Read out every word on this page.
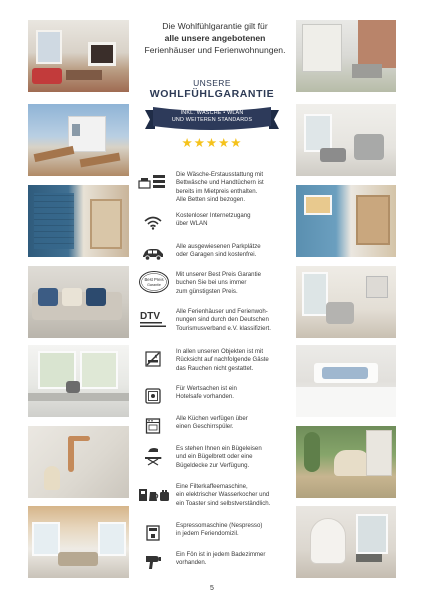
Die Wohlfühlgarantie gilt für
alle unsere angebotenen
Ferienhäuser und Ferienwohnungen.
UNSERE
WOHLFÜHLGARANTIE
INKL. WÄSCHE • WLAN
UND WEITEREN STANDARDS
★★★★★
Die Wäsche-Erstausstattung mit
Bettwäsche und Handtüchern ist
bereits im Mietpreis enthalten.
Alle Betten sind bezogen.
Kostenloser Internetzugang
über WLAN
Alle ausgewiesenen Parkplätze
oder Garagen sind kostenfrei.
Best Preis
Garantie
Mit unserer Best Preis Garantie
buchen Sie bei uns immer
zum günstigsten Preis.
DTV	Alle Ferienhäuser und Ferienwoh-
nungen sind durch den Deutschen
Tourismusverband e.V. klassifiziert.
In allen unseren Objekten ist mit
Rücksicht auf nachfolgende Gäste
das Rauchen nicht gestattet.
Für Wertsachen ist ein
Hotelsafe vorhanden.
Alle Küchen verfügen über
einen Geschirrspüler.
Es stehen Ihnen ein Bügeleisen
und ein Bügelbrett oder eine
Bügeldecke zur Verfügung.
Eine Filterkaffeemaschine,
ein elektrischer Wasserkocher und
ein Toaster sind selbstverständlich.
Espressomaschine (Nespresso)
in jedem Feriendomizil.
Ein Fön ist in jedem Badezimmer
vorhanden.
5
